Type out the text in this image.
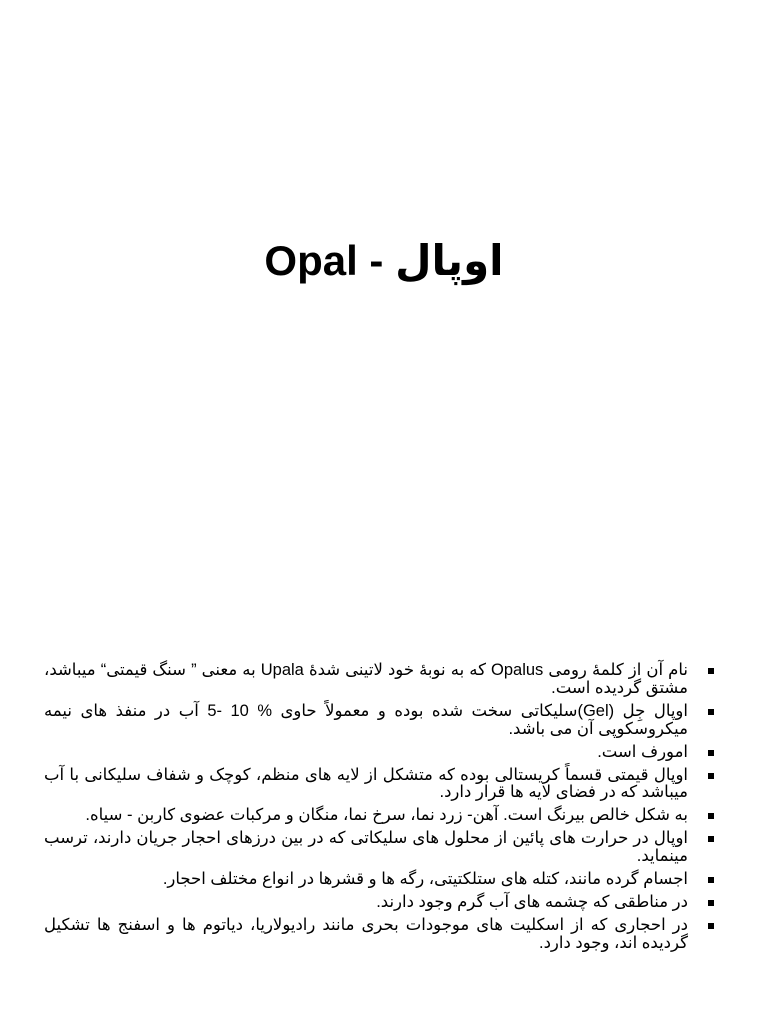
Opal - اوپال
نام آن از کلمهٔ رومی Opalus که به نوبهٔ خود لاتینی شدهٔ Upala به معنی ” سنگ قیمتی“ میباشد، مشتق گردیده است.
اوپال جِل (Gel)سلیکاتی سخت شده بوده و معمولاً حاوی % 10 -5 آب در منفذ های نیمه میکروسکوپی آن می باشد.
امورف است.
اوپال قیمتی قسماً کریستالی بوده که متشکل از لایه های منظم، کوچک و شفاف سلیکانی با آب میباشد که در فضای لایه ها قرار دارد.
به شکل خالص بیرنگ است. آهن- زرد نما، سرخ نما، منگان و مرکبات عضوی کاربن - سیاه.
اوپال در حرارت های پائین از محلول های سلیکاتی که در بین درزهای احجار جریان دارند، ترسب مینماید.
اجسام گرده مانند، کتله های ستلکتیتی، رگه ها و قشرها در انواع مختلف احجار.
در مناطقی که چشمه های آب گرم وجود دارند.
در احجاری که از اسکلیت های موجودات بحری مانند رادیولاریا، دیاتوم ها و اسفنج ها تشکیل گردیده اند، وجود دارد.
